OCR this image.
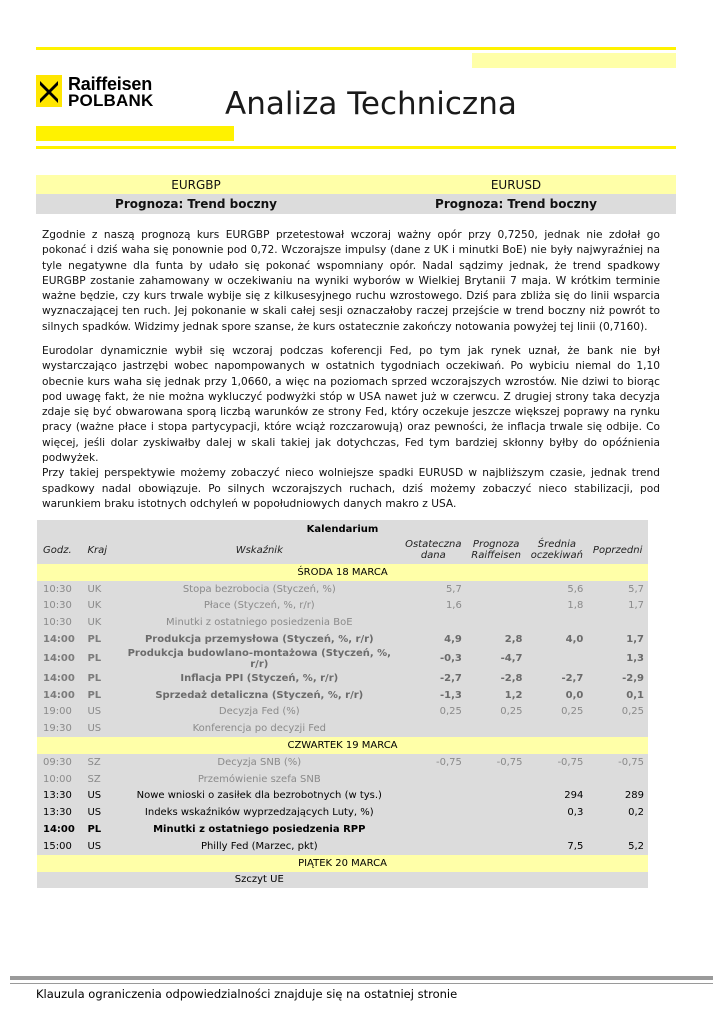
Raiffeisen
POLBANK Analiza Techniczna
EURGBP	EURUSD
Prognoza: Trend boczny	Prognoza: Trend boczny

Zgodnie z naszą prognozą kurs EURGBP przetestował wczoraj ważny opór przy 0,7250, jednak nie zdołał go pokonać i dziś waha się ponownie pod 0,72. Wczorajsze impulsy (dane z UK i minutki BoE) nie były najwyraźniej na tyle negatywne dla funta by udało się pokonać wspomniany opór. Nadal sądzimy jednak, że trend spadkowy EURGBP zostanie zahamowany w oczekiwaniu na wyniki wyborów w Wielkiej Brytanii 7 maja. W krótkim terminie ważne będzie, czy kurs trwale wybije się z kilkusesyjnego ruchu wzrostowego. Dziś para zbliża się do linii wsparcia wyznaczającej ten ruch. Jej pokonanie w skali całej sesji oznaczałoby raczej przejście w trend boczny niż powrót to silnych spadków. Widzimy jednak spore szanse, że kurs ostatecznie zakończy notowania powyżej tej linii (0,7160).

Eurodolar dynamicznie wybił się wczoraj podczas koferencji Fed, po tym jak rynek uznał, że bank nie był wystarczająco jastrzębi wobec napompowanych w ostatnich tygodniach oczekiwań. Po wybiciu niemal do 1,10 obecnie kurs waha się jednak przy 1,0660, a więc na poziomach sprzed wczorajszych wzrostów. Nie dziwi to biorąc pod uwagę fakt, że nie można wykluczyć podwyżki stóp w USA nawet już w czerwcu. Z drugiej strony taka decyzja zdaje się być obwarowana sporą liczbą warunków ze strony Fed, który oczekuje jeszcze większej poprawy na rynku pracy (ważne płace i stopa partycypacji, które wciąż rozczarowują) oraz pewności, że inflacja trwale się odbije. Co więcej, jeśli dolar zyskiwałby dalej w skali takiej jak dotychczas, Fed tym bardziej skłonny byłby do opóźnienia podwyżek.

Przy takiej perspektywie możemy zobaczyć nieco wolniejsze spadki EURUSD w najbliższym czasie, jednak trend spadkowy nadal obowiązuje. Po silnych wczorajszych ruchach, dziś możemy zobaczyć nieco stabilizacji, pod warunkiem braku istotnych odchyleń w popołudniowych danych makro z USA.

Kalendarium						
Godz.	Kraj	Wskaźnik	Ostateczna dana	Prognoza Raiffeisen	Średnia oczekiwań	Poprzedni
ŚRODA 18 MARCA						
10:30	UK	Stopa bezrobocia (Styczeń, %)	5,7		5,6	5,7
10:30	UK	Płace (Styczeń, %, r/r)	1,6		1,8	1,7
10:30	UK	Minutki z ostatniego posiedzenia BoE				
14:00	PL	Produkcja przemysłowa (Styczeń, %, r/r)	4,9	2,8	4,0	1,7
14:00	PL	Produkcja budowlano-montażowa (Styczeń, %, r/r)	-0,3	-4,7		1,3
14:00	PL	Inflacja PPI (Styczeń, %, r/r)	-2,7	-2,8	-2,7	-2,9
14:00	PL	Sprzedaż detaliczna (Styczeń, %, r/r)	-1,3	1,2	0,0	0,1
19:00	US	Decyzja Fed (%)	0,25	0,25	0,25	0,25
19:30	US	Konferencja po decyzji Fed				
CZWARTEK 19 MARCA						
09:30	SZ	Decyzja SNB (%)	-0,75	-0,75	-0,75	-0,75
10:00	SZ	Przemówienie szefa SNB				
13:30	US	Nowe wnioski o zasiłek dla bezrobotnych (w tys.)			294	289
13:30	US	Indeks wskaźników wyprzedzających Luty, %)			0,3	0,2
14:00	PL	Minutki z ostatniego posiedzenia RPP				
15:00	US	Philly Fed (Marzec, pkt)			7,5	5,2
PIĄTEK 20 MARCA						
		Szczyt UE				
Klauzula ograniczenia odpowiedzialności znajduje się na ostatniej stronie
